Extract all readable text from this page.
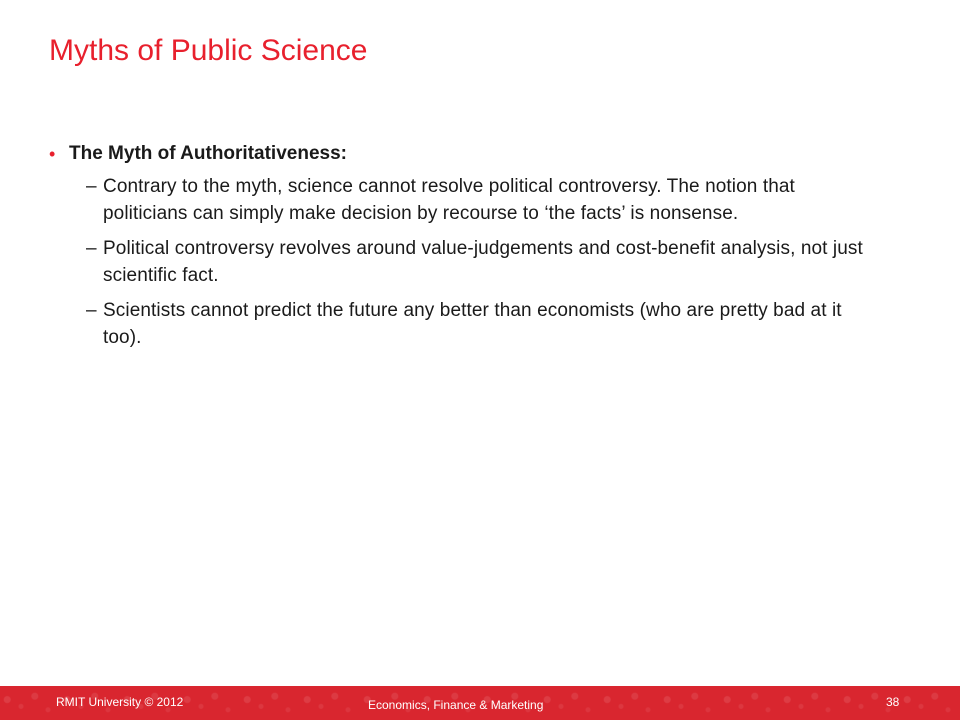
Myths of Public Science
• The Myth of Authoritativeness:
– Contrary to the myth, science cannot resolve political controversy. The notion that politicians can simply make decision by recourse to ‘the facts’ is nonsense.
– Political controversy revolves around value-judgements and cost-benefit analysis, not just scientific fact.
– Scientists cannot predict the future any better than economists (who are pretty bad at it too).
RMIT University © 2012	Economics, Finance & Marketing	38
